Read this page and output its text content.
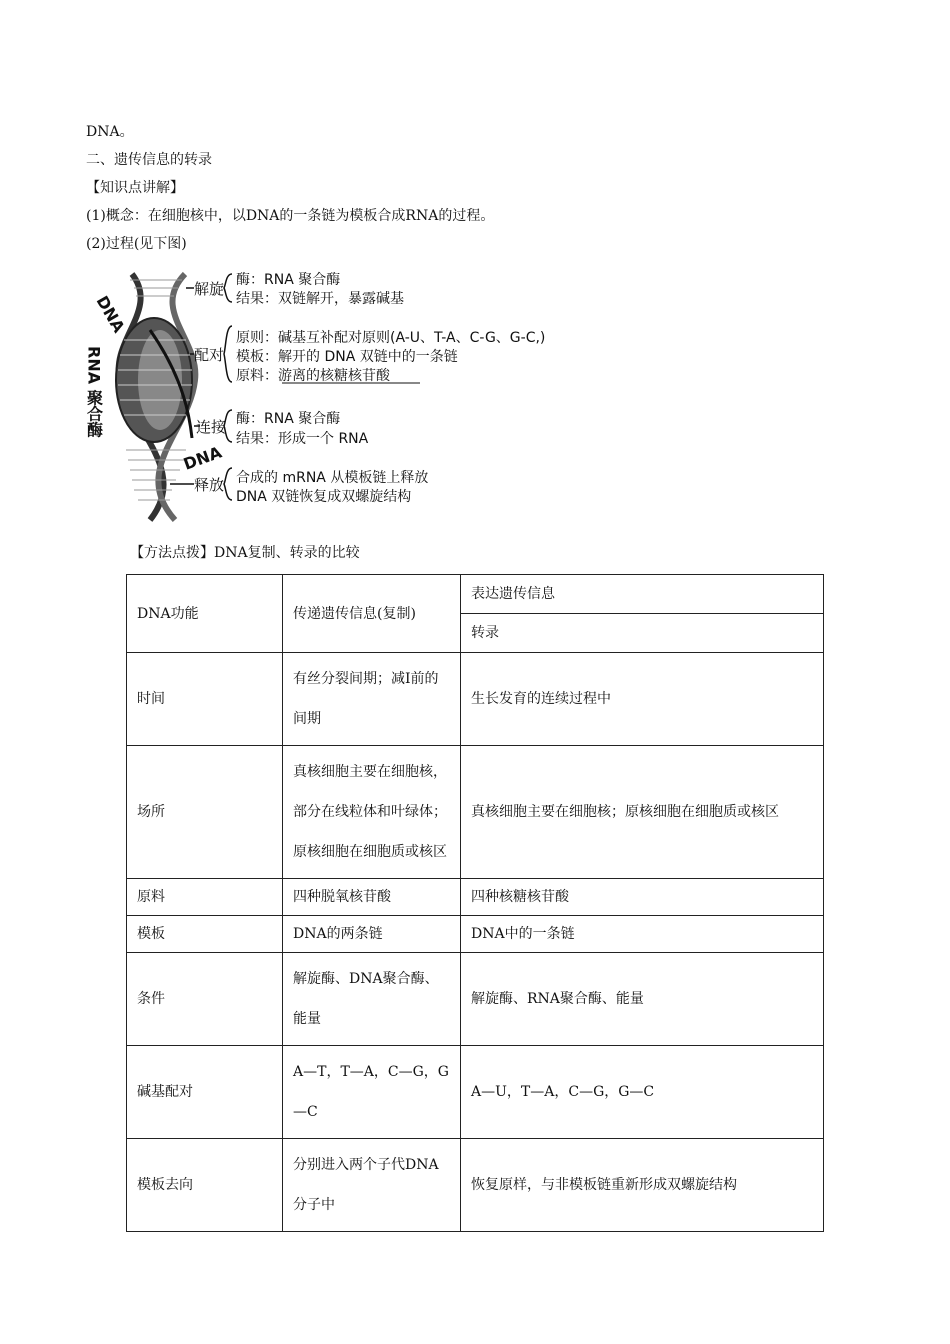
DNA。
二、遗传信息的转录
【知识点讲解】
(1)概念：在细胞核中，以DNA的一条链为模板合成RNA的过程。
(2)过程(见下图)
DNA
RNA 聚合酶
DNA
解旋 酶：RNA 聚合酶
结果：双链解开，暴露碱基
配对
原则：碱基互补配对原则(A-U、T-A、C-G、G-C,)
模板：解开的 DNA 双链中的一条链
原料：游离的核糖核苷酸
连接 酶：RNA 聚合酶
结果：形成一个 RNA
释放 合成的 mRNA 从模板链上释放
DNA 双链恢复成双螺旋结构
【方法点拨】DNA复制、转录的比较
DNA功能	传递遗传信息(复制)	表达遗传信息
		转录
时间	有丝分裂间期；减Ⅰ前的间期	生长发育的连续过程中
场所	真核细胞主要在细胞核，部分在线粒体和叶绿体；原核细胞在细胞质或核区	真核细胞主要在细胞核；原核细胞在细胞质或核区
原料	四种脱氧核苷酸	四种核糖核苷酸
模板	DNA的两条链	DNA中的一条链
条件	解旋酶、DNA聚合酶、能量	解旋酶、RNA聚合酶、能量
碱基配对	A—T，T—A，C—G，G—C	A—U，T—A，C—G，G—C
模板去向	分别进入两个子代DNA分子中	恢复原样，与非模板链重新形成双螺旋结构
